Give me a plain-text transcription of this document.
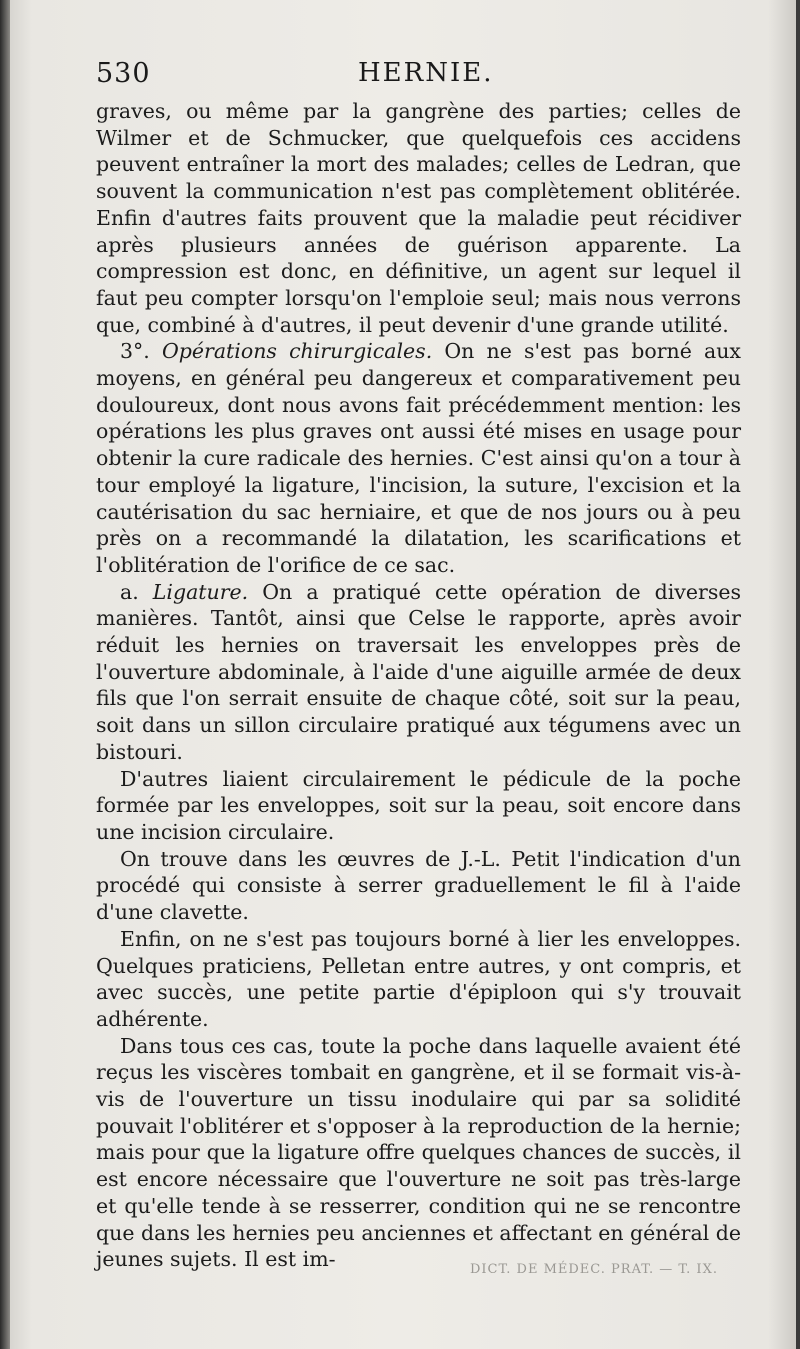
530	HERNIE.

graves, ou même par la gangrène des parties; celles de Wilmer et de Schmucker, que quelquefois ces accidens peuvent entraîner la mort des malades; celles de Ledran, que souvent la communication n'est pas complètement oblitérée. Enfin d'autres faits prouvent que la maladie peut récidiver après plusieurs années de guérison apparente. La compression est donc, en définitive, un agent sur lequel il faut peu compter lorsqu'on l'emploie seul; mais nous verrons que, combiné à d'autres, il peut devenir d'une grande utilité.

3°. Opérations chirurgicales. On ne s'est pas borné aux moyens, en général peu dangereux et comparativement peu douloureux, dont nous avons fait précédemment mention: les opérations les plus graves ont aussi été mises en usage pour obtenir la cure radicale des hernies. C'est ainsi qu'on a tour à tour employé la ligature, l'incision, la suture, l'excision et la cautérisation du sac herniaire, et que de nos jours ou à peu près on a recommandé la dilatation, les scarifications et l'oblitération de l'orifice de ce sac.

a. Ligature. On a pratiqué cette opération de diverses manières. Tantôt, ainsi que Celse le rapporte, après avoir réduit les hernies on traversait les enveloppes près de l'ouverture abdominale, à l'aide d'une aiguille armée de deux fils que l'on serrait ensuite de chaque côté, soit sur la peau, soit dans un sillon circulaire pratiqué aux tégumens avec un bistouri.

D'autres liaient circulairement le pédicule de la poche formée par les enveloppes, soit sur la peau, soit encore dans une incision circulaire.

On trouve dans les œuvres de J.-L. Petit l'indication d'un procédé qui consiste à serrer graduellement le fil à l'aide d'une clavette.

Enfin, on ne s'est pas toujours borné à lier les enveloppes. Quelques praticiens, Pelletan entre autres, y ont compris, et avec succès, une petite partie d'épiploon qui s'y trouvait adhérente.

Dans tous ces cas, toute la poche dans laquelle avaient été reçus les viscères tombait en gangrène, et il se formait vis-à-vis de l'ouverture un tissu inodulaire qui par sa solidité pouvait l'oblitérer et s'opposer à la reproduction de la hernie; mais pour que la ligature offre quelques chances de succès, il est encore nécessaire que l'ouverture ne soit pas très-large et qu'elle tende à se resserrer, condition qui ne se rencontre que dans les hernies peu anciennes et affectant en général de jeunes sujets. Il est im-	DICT. DE MÉDEC. PRAT. — T. IX.
